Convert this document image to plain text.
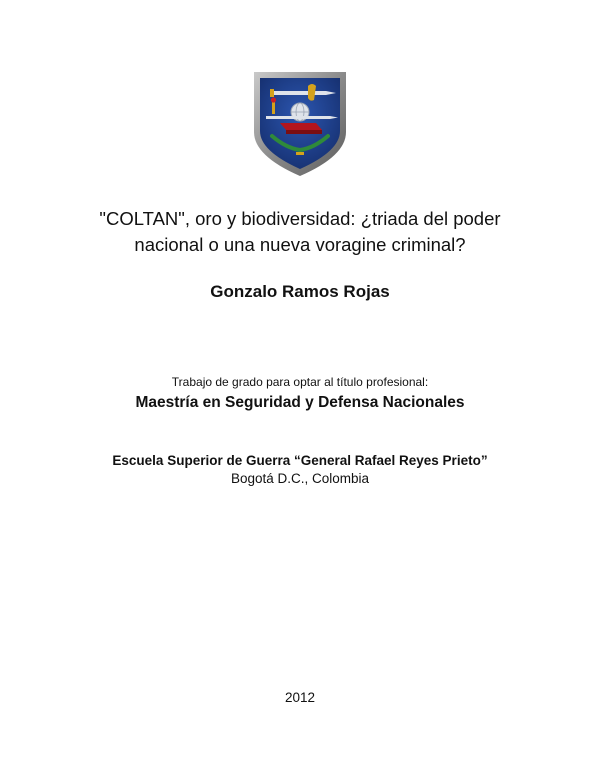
"COLTAN", oro y biodiversidad: ¿triada del poder
nacional o una nueva voragine criminal?
Gonzalo Ramos Rojas
Trabajo de grado para optar al título profesional:
Maestría en Seguridad y Defensa Nacionales
Escuela Superior de Guerra “General Rafael Reyes Prieto”
Bogotá D.C., Colombia
2012
